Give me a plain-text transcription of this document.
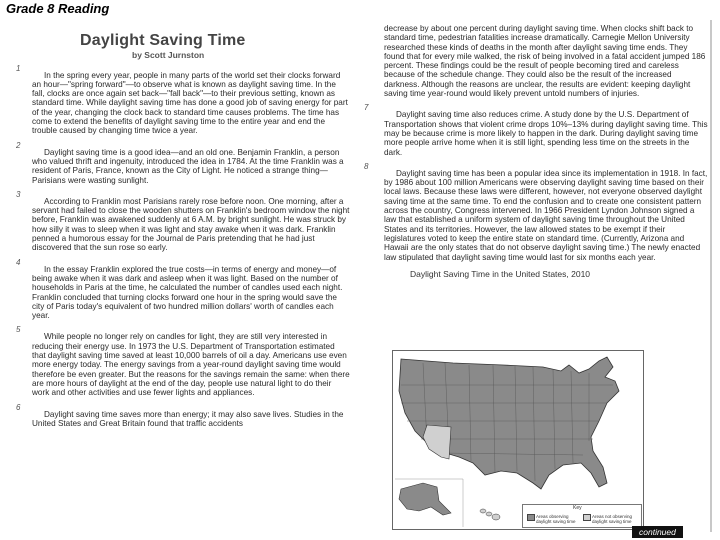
Grade 8 Reading
Daylight Saving Time
by Scott Jurnston
1

In the spring every year, people in many parts of the world set their clocks forward an hour—"spring forward"—to observe what is known as daylight saving time. In the fall, clocks are once again set back—"fall back"—to their previous setting, known as standard time. While daylight saving time has done a good job of saving energy for part of the year, changing the clock back to standard time causes problems. The time has come to extend the benefits of daylight saving time to the entire year and end the trouble caused by changing time twice a year.

2

Daylight saving time is a good idea—and an old one. Benjamin Franklin, a person who valued thrift and ingenuity, introduced the idea in 1784. At the time Franklin was a resident of Paris, France, known as the City of Light. He noticed a strange thing—Parisians were wasting sunlight.

3

According to Franklin most Parisians rarely rose before noon. One morning, after a servant had failed to close the wooden shutters on Franklin's bedroom window the night before, Franklin was awakened suddenly at 6 A.M. by bright sunlight. He was struck by how silly it was to sleep when it was light and stay awake when it was dark. Franklin penned a humorous essay for the Journal de Paris pretending that he had just discovered that the sun rose so early.

4

In the essay Franklin explored the true costs—in terms of energy and money—of being awake when it was dark and asleep when it was light. Based on the number of households in Paris at the time, he calculated the number of candles used each night. Franklin concluded that turning clocks forward one hour in the spring would save the city of Paris today's equivalent of two hundred million dollars' worth of candles each year.

5

While people no longer rely on candles for light, they are still very interested in reducing their energy use. In 1973 the U.S. Department of Transportation estimated that daylight saving time saved at least 10,000 barrels of oil a day. Americans use even more energy today. The energy savings from a year-round daylight saving time would therefore be even greater. But the reasons for the savings remain the same: when there are more hours of daylight at the end of the day, people use natural light to do their work and other activities and use fewer lights and appliances.

6

Daylight saving time saves more than energy; it may also save lives. Studies in the United States and Great Britain found that traffic accidents

decrease by about one percent during daylight saving time. When clocks shift back to standard time, pedestrian fatalities increase dramatically. Carnegie Mellon University researched these kinds of deaths in the month after daylight saving time ends. They found that for every mile walked, the risk of being involved in a fatal accident jumped 186 percent. These findings could be the result of people becoming tired and careless because of the schedule change. They could also be the result of the increased darkness. Although the reasons are unclear, the results are evident: keeping daylight saving time year-round would likely prevent untold numbers of injuries.

7

Daylight saving time also reduces crime. A study done by the U.S. Department of Transportation shows that violent crime drops 10%–13% during daylight saving time. This may be because crime is more likely to happen in the dark. During daylight saving time more people arrive home when it is still light, spending less time on the streets in the dark.

8

Daylight saving time has been a popular idea since its implementation in 1918. In fact, by 1986 about 100 million Americans were observing daylight saving time based on their local laws. Because these laws were different, however, not everyone observed daylight saving time at the same time. To end the confusion and to create one consistent pattern across the country, Congress intervened. In 1966 President Lyndon Johnson signed a law that established a uniform system of daylight saving time throughout the United States and its territories. However, the law allowed states to be exempt if their legislatures voted to keep the entire state on standard time. (Currently, Arizona and Hawaii are the only states that do not observe daylight saving time.) The newly enacted law stipulated that daylight saving time would last for six months each year.

Daylight Saving Time in the United States, 2010
Key
Areas observing daylight saving time
Areas not observing daylight saving time
continued
